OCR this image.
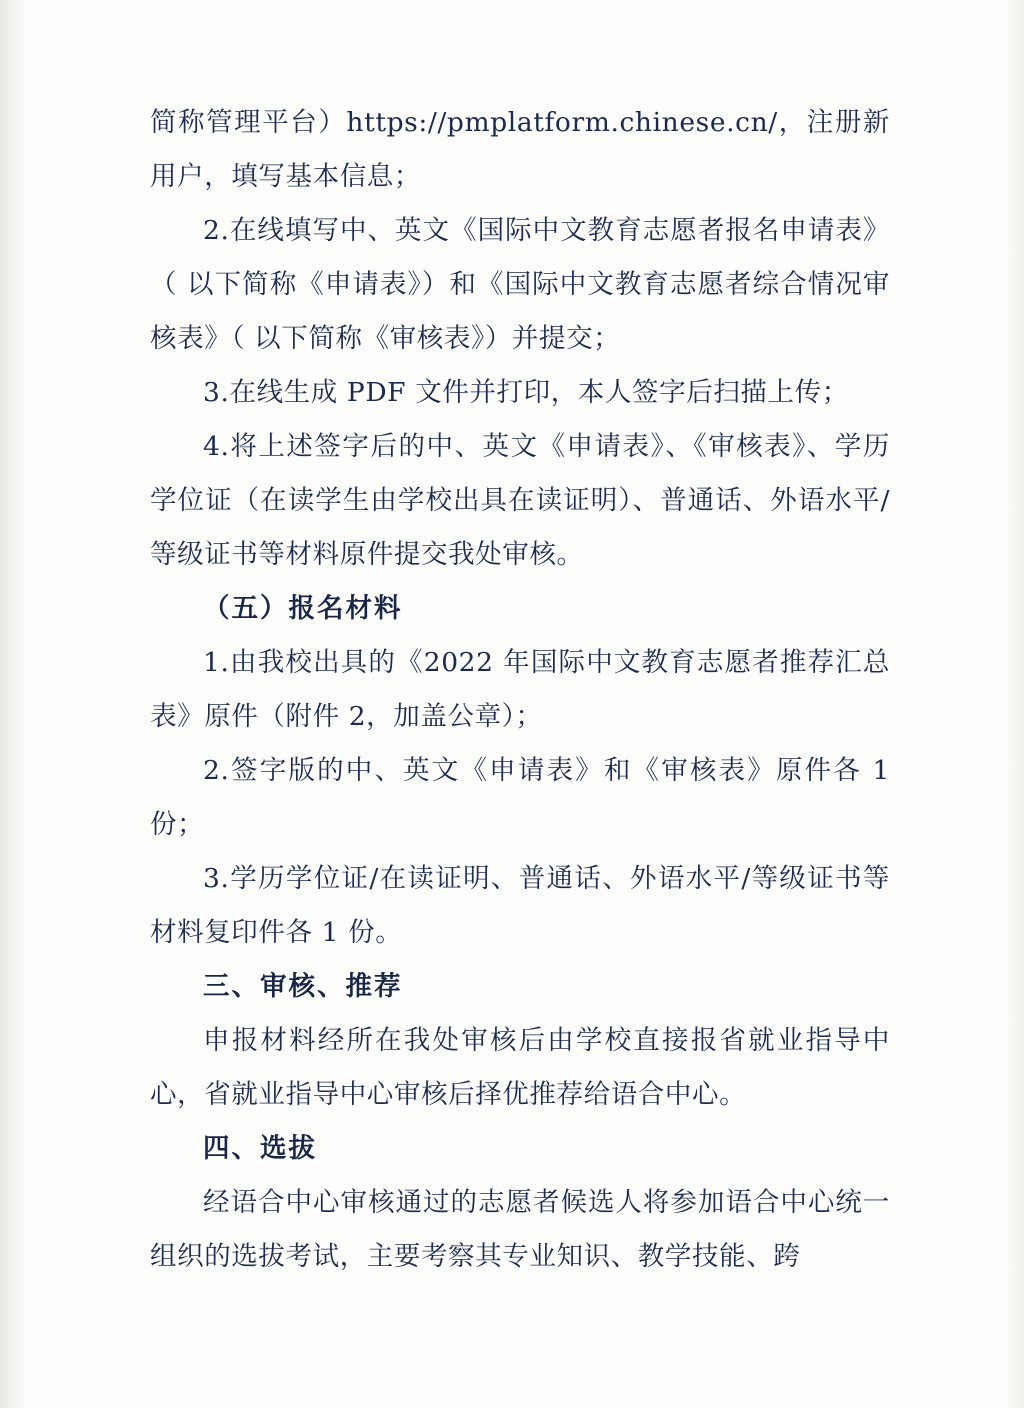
简称管理平台）https://pmplatform.chinese.cn/，注册新用户，填写基本信息；

2.在线填写中、英文《国际中文教育志愿者报名申请表》（ 以下简称《申请表》）和《国际中文教育志愿者综合情况审核表》（ 以下简称《审核表》）并提交；

3.在线生成 PDF 文件并打印，本人签字后扫描上传；

4.将上述签字后的中、英文《申请表》、《审核表》、学历学位证（在读学生由学校出具在读证明）、普通话、外语水平/等级证书等材料原件提交我处审核。

（五）报名材料

1.由我校出具的《2022 年国际中文教育志愿者推荐汇总表》原件（附件 2，加盖公章）；

2.签字版的中、英文《申请表》和《审核表》原件各 1 份；

3.学历学位证/在读证明、普通话、外语水平/等级证书等材料复印件各 1 份。

三、审核、推荐

申报材料经所在我处审核后由学校直接报省就业指导中心，省就业指导中心审核后择优推荐给语合中心。

四、选拔

经语合中心审核通过的志愿者候选人将参加语合中心统一组织的选拔考试，主要考察其专业知识、教学技能、跨
